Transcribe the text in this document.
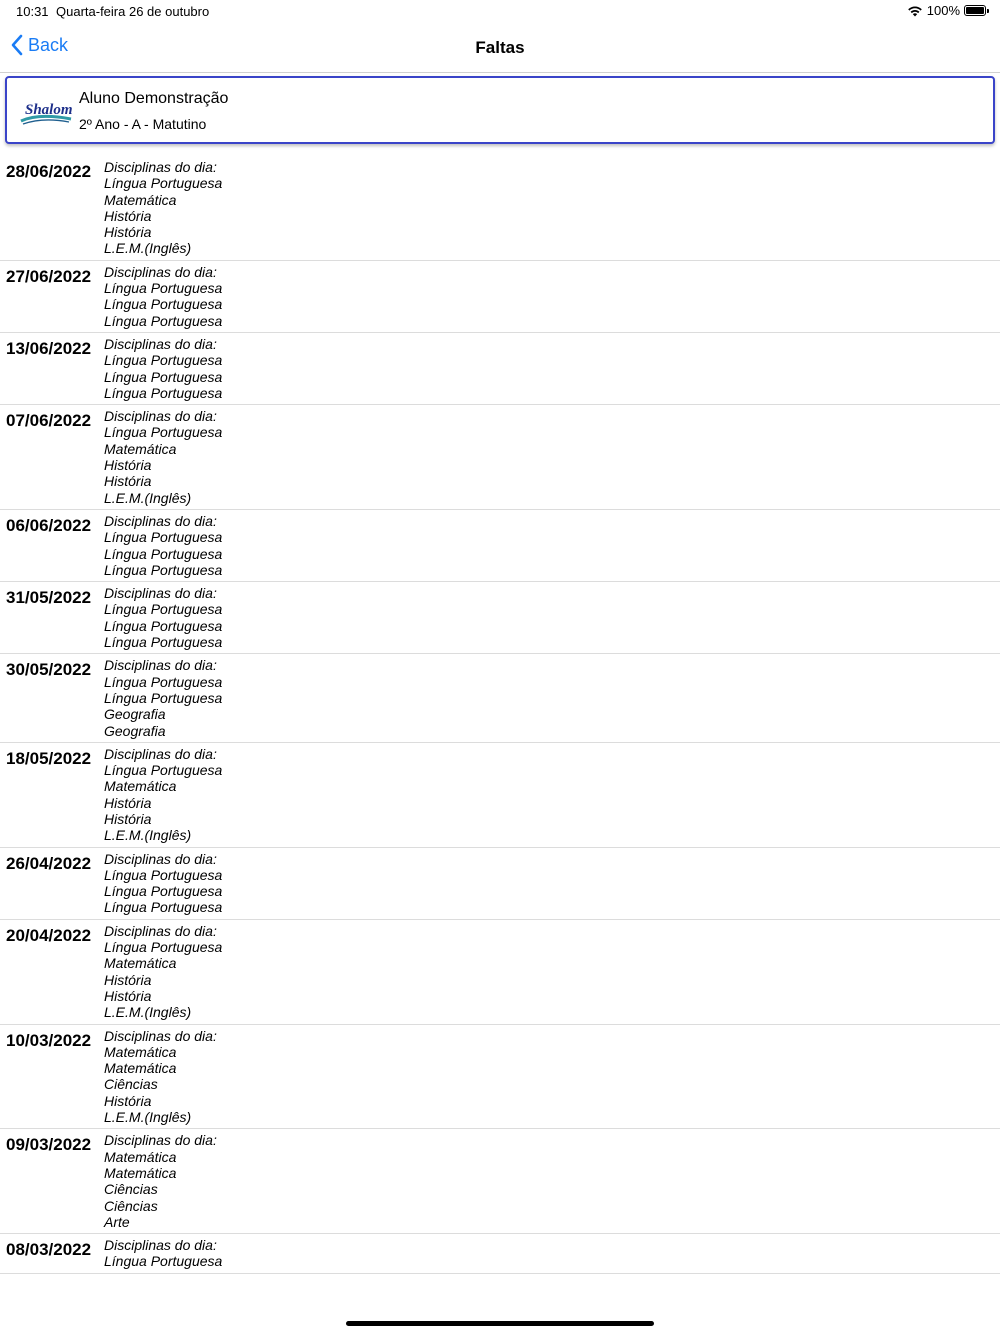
10:31 Quarta-feira 26 de outubro	100%
Back	Faltas
Shalom
Aluno Demonstração
2º Ano - A - Matutino
28/06/2022 Disciplinas do dia:
Língua Portuguesa
Matemática
História
História
L.E.M.(Inglês)
27/06/2022 Disciplinas do dia:
Língua Portuguesa
Língua Portuguesa
Língua Portuguesa
13/06/2022 Disciplinas do dia:
Língua Portuguesa
Língua Portuguesa
Língua Portuguesa
07/06/2022 Disciplinas do dia:
Língua Portuguesa
Matemática
História
História
L.E.M.(Inglês)
06/06/2022 Disciplinas do dia:
Língua Portuguesa
Língua Portuguesa
Língua Portuguesa
31/05/2022 Disciplinas do dia:
Língua Portuguesa
Língua Portuguesa
Língua Portuguesa
30/05/2022 Disciplinas do dia:
Língua Portuguesa
Língua Portuguesa
Geografia
Geografia
18/05/2022 Disciplinas do dia:
Língua Portuguesa
Matemática
História
História
L.E.M.(Inglês)
26/04/2022 Disciplinas do dia:
Língua Portuguesa
Língua Portuguesa
Língua Portuguesa
20/04/2022 Disciplinas do dia:
Língua Portuguesa
Matemática
História
História
L.E.M.(Inglês)
10/03/2022 Disciplinas do dia:
Matemática
Matemática
Ciências
História
L.E.M.(Inglês)
09/03/2022 Disciplinas do dia:
Matemática
Matemática
Ciências
Ciências
Arte
08/03/2022 Disciplinas do dia:
Língua Portuguesa
